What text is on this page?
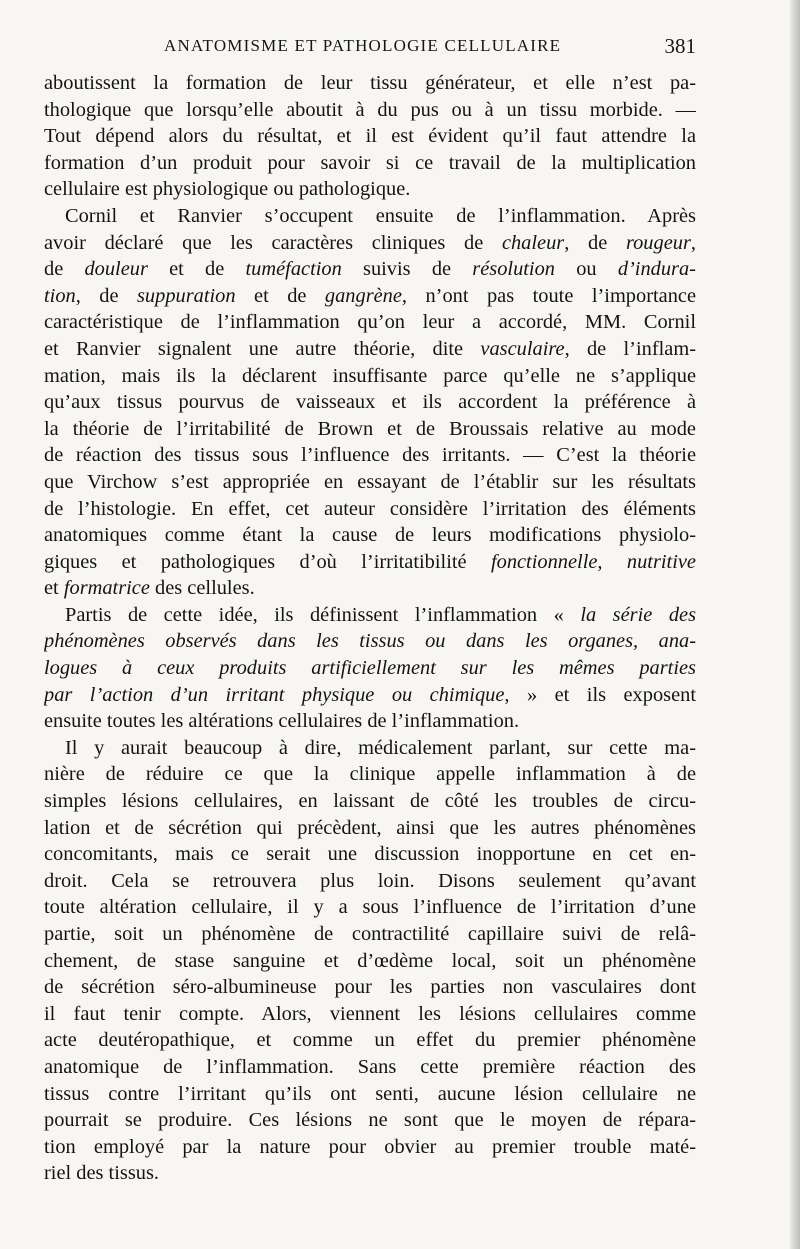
ANATOMISME ET PATHOLOGIE CELLULAIRE	381
aboutissent la formation de leur tissu générateur, et elle n’est pa-
thologique que lorsqu’elle aboutit à du pus ou à un tissu morbide. —
Tout dépend alors du résultat, et il est évident qu’il faut attendre la
formation d’un produit pour savoir si ce travail de la multiplication
cellulaire est physiologique ou pathologique.
Cornil et Ranvier s’occupent ensuite de l’inflammation. Après
avoir déclaré que les caractères cliniques de chaleur, de rougeur,
de douleur et de tuméfaction suivis de résolution ou d’indura-
tion, de suppuration et de gangrène, n’ont pas toute l’importance
caractéristique de l’inflammation qu’on leur a accordé, MM. Cornil
et Ranvier signalent une autre théorie, dite vasculaire, de l’inflam-
mation, mais ils la déclarent insuffisante parce qu’elle ne s’applique
qu’aux tissus pourvus de vaisseaux et ils accordent la préférence à
la théorie de l’irritabilité de Brown et de Broussais relative au mode
de réaction des tissus sous l’influence des irritants. — C’est la théorie
que Virchow s’est appropriée en essayant de l’établir sur les résultats
de l’histologie. En effet, cet auteur considère l’irritation des éléments
anatomiques comme étant la cause de leurs modifications physiolo-
giques et pathologiques d’où l’irritatibilité fonctionnelle, nutritive
et formatrice des cellules.
Partis de cette idée, ils définissent l’inflammation « la série des
phénomènes observés dans les tissus ou dans les organes, ana-
logues à ceux produits artificiellement sur les mêmes parties
par l’action d’un irritant physique ou chimique, » et ils exposent
ensuite toutes les altérations cellulaires de l’inflammation.
Il y aurait beaucoup à dire, médicalement parlant, sur cette ma-
nière de réduire ce que la clinique appelle inflammation à de
simples lésions cellulaires, en laissant de côté les troubles de circu-
lation et de sécrétion qui précèdent, ainsi que les autres phénomènes
concomitants, mais ce serait une discussion inopportune en cet en-
droit. Cela se retrouvera plus loin. Disons seulement qu’avant
toute altération cellulaire, il y a sous l’influence de l’irritation d’une
partie, soit un phénomène de contractilité capillaire suivi de relâ-
chement, de stase sanguine et d’œdème local, soit un phénomène
de sécrétion séro-albumineuse pour les parties non vasculaires dont
il faut tenir compte. Alors, viennent les lésions cellulaires comme
acte deutéropathique, et comme un effet du premier phénomène
anatomique de l’inflammation. Sans cette première réaction des
tissus contre l’irritant qu’ils ont senti, aucune lésion cellulaire ne
pourrait se produire. Ces lésions ne sont que le moyen de répara-
tion employé par la nature pour obvier au premier trouble maté-
riel des tissus.
